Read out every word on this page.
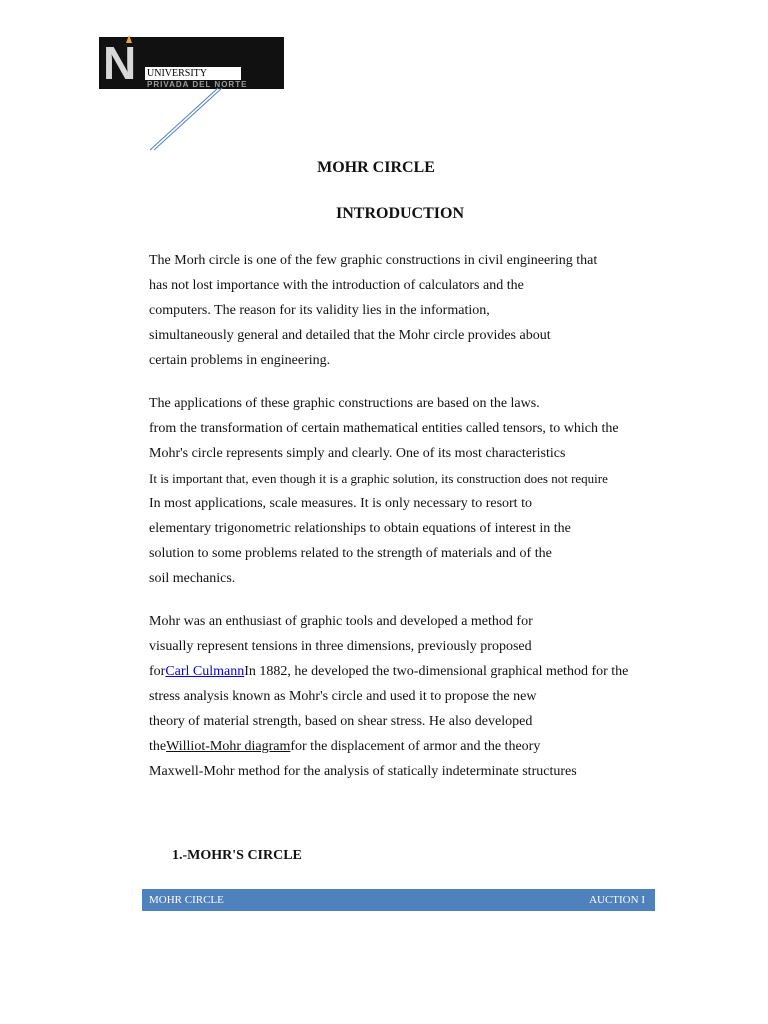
N UNIVERSITY
PRIVADA DEL NORTE
MOHR CIRCLE
INTRODUCTION

The Morh circle is one of the few graphic constructions in civil engineering that
has not lost importance with the introduction of calculators and the
computers. The reason for its validity lies in the information,
simultaneously general and detailed that the Mohr circle provides about
certain problems in engineering.

The applications of these graphic constructions are based on the laws.
from the transformation of certain mathematical entities called tensors, to which the
Mohr's circle represents simply and clearly. One of its most characteristics
It is important that, even though it is a graphic solution, its construction does not require
In most applications, scale measures. It is only necessary to resort to
elementary trigonometric relationships to obtain equations of interest in the
solution to some problems related to the strength of materials and of the
soil mechanics.

Mohr was an enthusiast of graphic tools and developed a method for
visually represent tensions in three dimensions, previously proposed
forCarl CulmannIn 1882, he developed the two-dimensional graphical method for the
stress analysis known as Mohr's circle and used it to propose the new
theory of material strength, based on shear stress. He also developed
theWilliot-Mohr diagramfor the displacement of armor and the theory
Maxwell-Mohr method for the analysis of statically indeterminate structures

1.-MOHR'S CIRCLE
MOHR CIRCLE	AUCTION I
